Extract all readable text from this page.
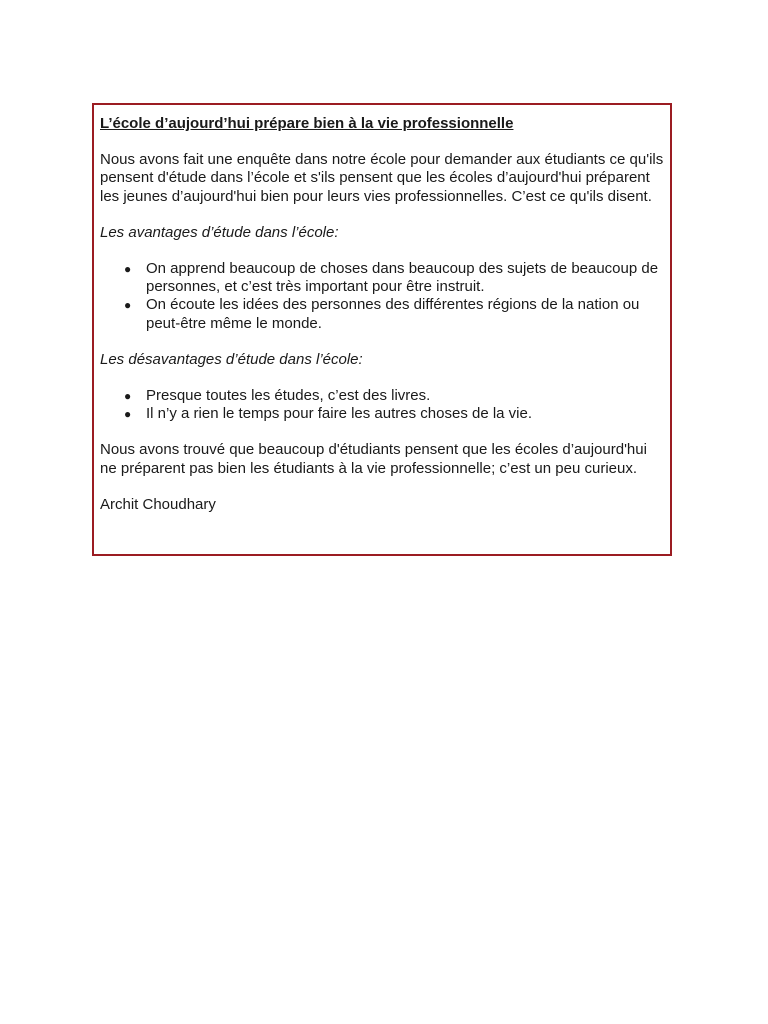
L’école d’aujourd’hui prépare bien à la vie professionnelle

Nous avons fait une enquête dans notre école pour demander aux étudiants ce qu'ils pensent d'étude dans l’école et s'ils pensent que les écoles d’aujourd'hui préparent les jeunes d’aujourd'hui bien pour leurs vies professionnelles. C’est ce qu'ils disent.

Les avantages d’étude dans l’école:

● On apprend beaucoup de choses dans beaucoup des sujets de beaucoup de personnes, et c’est très important pour être instruit.
● On écoute les idées des personnes des différentes régions de la nation ou peut-être même le monde.

Les désavantages d’étude dans l’école:

● Presque toutes les études, c’est des livres.
● Il n’y a rien le temps pour faire les autres choses de la vie.

Nous avons trouvé que beaucoup d'étudiants pensent que les écoles d’aujourd'hui ne préparent pas bien les étudiants à la vie professionnelle; c’est un peu curieux.

Archit Choudhary
